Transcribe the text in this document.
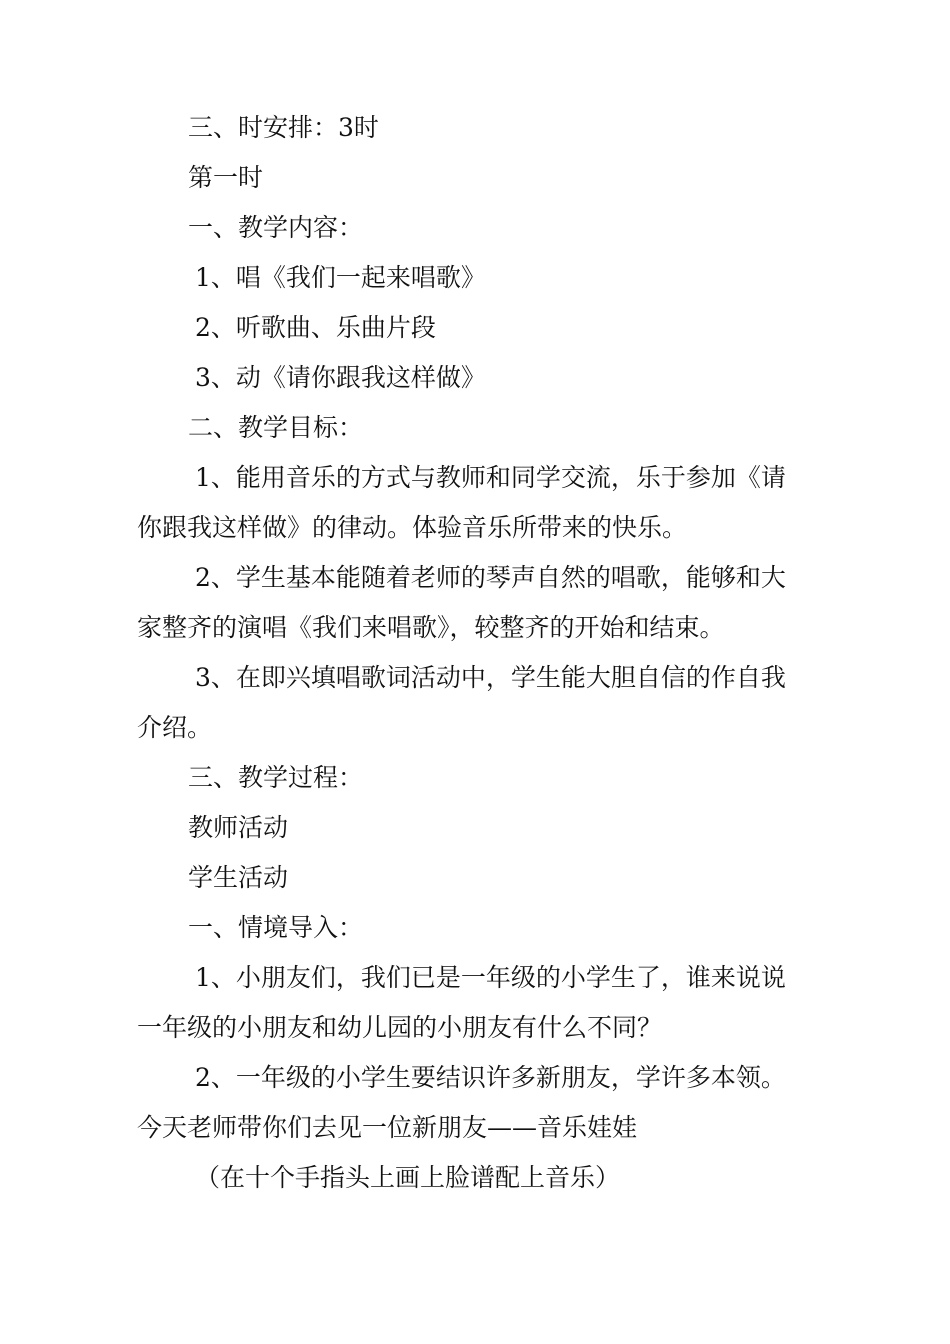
三、时安排：3时
第一时
一、教学内容：
1、唱《我们一起来唱歌》
2、听歌曲、乐曲片段
3、动《请你跟我这样做》
二、教学目标：
1、能用音乐的方式与教师和同学交流，乐于参加《请
你跟我这样做》的律动。体验音乐所带来的快乐。
2、学生基本能随着老师的琴声自然的唱歌，能够和大
家整齐的演唱《我们来唱歌》，较整齐的开始和结束。
3、在即兴填唱歌词活动中，学生能大胆自信的作自我
介绍。
三、教学过程：
教师活动
学生活动
一、情境导入：
1、小朋友们，我们已是一年级的小学生了，谁来说说
一年级的小朋友和幼儿园的小朋友有什么不同？
2、一年级的小学生要结识许多新朋友，学许多本领。
今天老师带你们去见一位新朋友——音乐娃娃
（在十个手指头上画上脸谱配上音乐）
